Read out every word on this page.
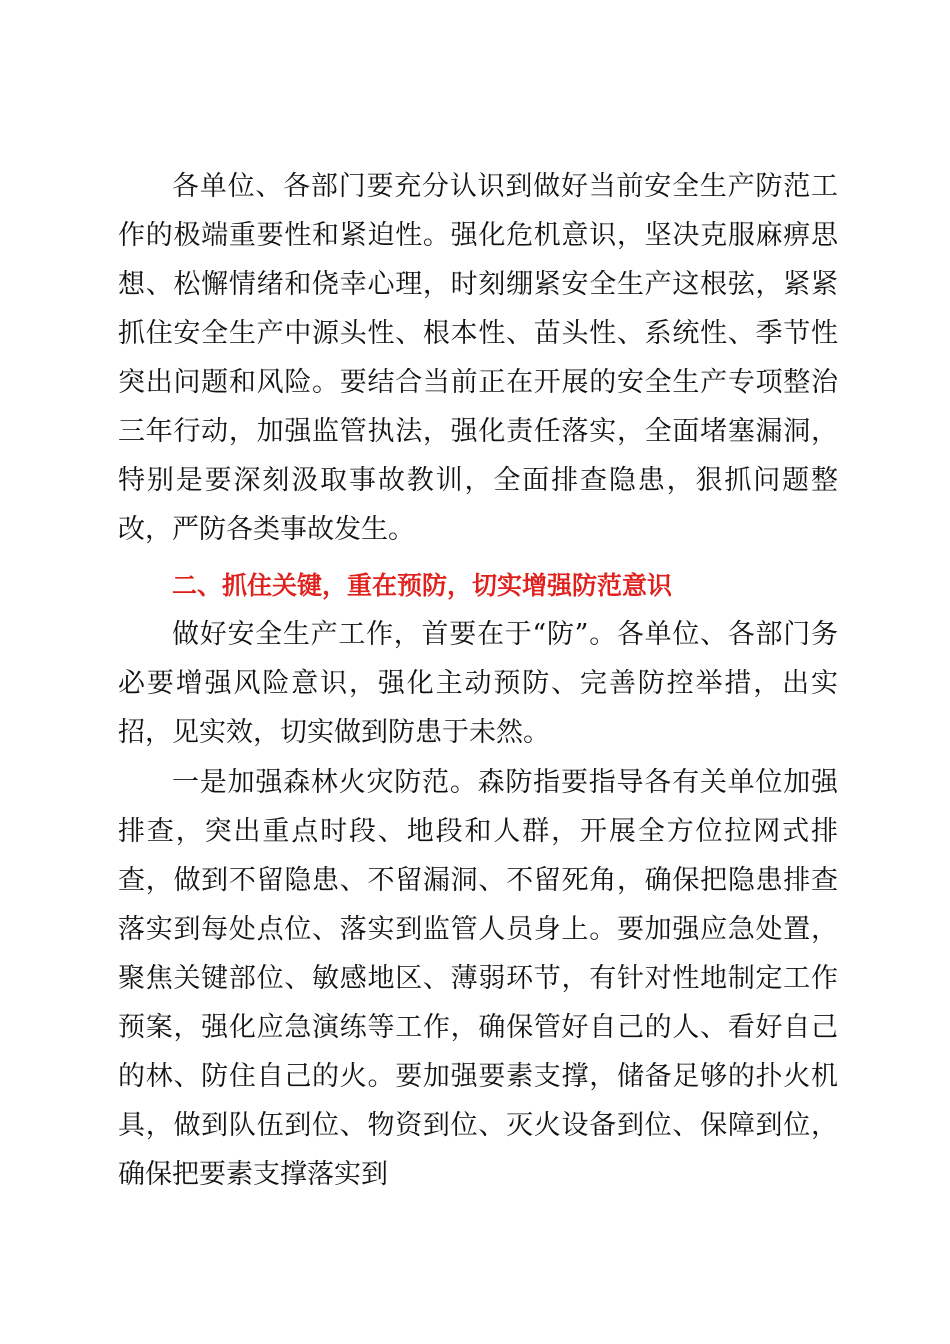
各单位、各部门要充分认识到做好当前安全生产防范工作的极端重要性和紧迫性。强化危机意识，坚决克服麻痹思想、松懈情绪和侥幸心理，时刻绷紧安全生产这根弦，紧紧抓住安全生产中源头性、根本性、苗头性、系统性、季节性突出问题和风险。要结合当前正在开展的安全生产专项整治三年行动，加强监管执法，强化责任落实，全面堵塞漏洞，特别是要深刻汲取事故教训，全面排查隐患，狠抓问题整改，严防各类事故发生。

二、抓住关键，重在预防，切实增强防范意识

做好安全生产工作，首要在于“防”。各单位、各部门务必要增强风险意识，强化主动预防、完善防控举措，出实招，见实效，切实做到防患于未然。

一是加强森林火灾防范。森防指要指导各有关单位加强排查，突出重点时段、地段和人群，开展全方位拉网式排查，做到不留隐患、不留漏洞、不留死角，确保把隐患排查落实到每处点位、落实到监管人员身上。要加强应急处置，聚焦关键部位、敏感地区、薄弱环节，有针对性地制定工作预案，强化应急演练等工作，确保管好自己的人、看好自己的林、防住自己的火。要加强要素支撑，储备足够的扑火机具，做到队伍到位、物资到位、灭火设备到位、保障到位，确保把要素支撑落实到
